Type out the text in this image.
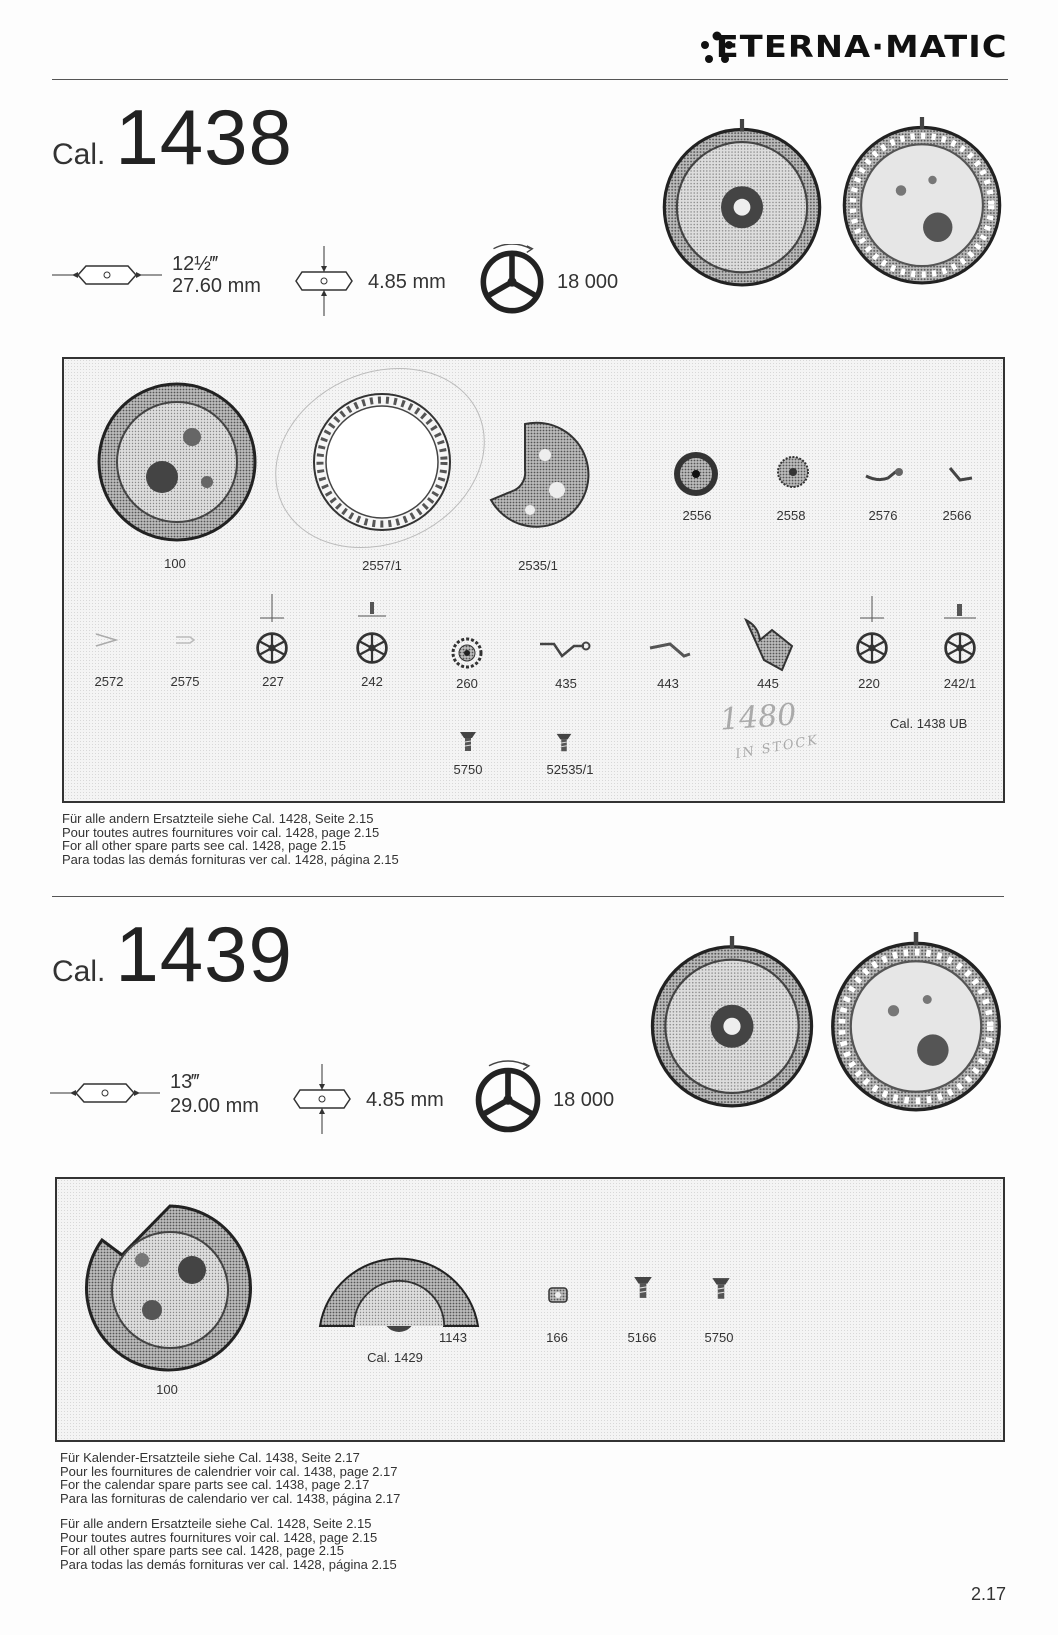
ETERNA·MATIC
Cal. 1438
12½‴
27.60 mm	4.85 mm	18 000
100	2557/1	2535/1
2556	2558	2576	2566
2572	2575	227	242	260	435	443	445	220	242/1
5750	52535/1
Cal. 1438 UB
1480
IN STOCK
Für alle andern Ersatzteile siehe Cal. 1428, Seite 2.15
Pour toutes autres fournitures voir cal. 1428, page 2.15
For all other spare parts see cal. 1428, page 2.15
Para todas las demás fornituras ver cal. 1428, página 2.15
Cal. 1439
13‴
29.00 mm	4.85 mm	18 000
100
1143
Cal. 1429
166	5166	5750
Für Kalender-Ersatzteile siehe Cal. 1438, Seite 2.17
Pour les fournitures de calendrier voir cal. 1438, page 2.17
For the calendar spare parts see cal. 1438, page 2.17
Para las fornituras de calendario ver cal. 1438, página 2.17
Für alle andern Ersatzteile siehe Cal. 1428, Seite 2.15
Pour toutes autres fournitures voir cal. 1428, page 2.15
For all other spare parts see cal. 1428, page 2.15
Para todas las demás fornituras ver cal. 1428, página 2.15
2.17
